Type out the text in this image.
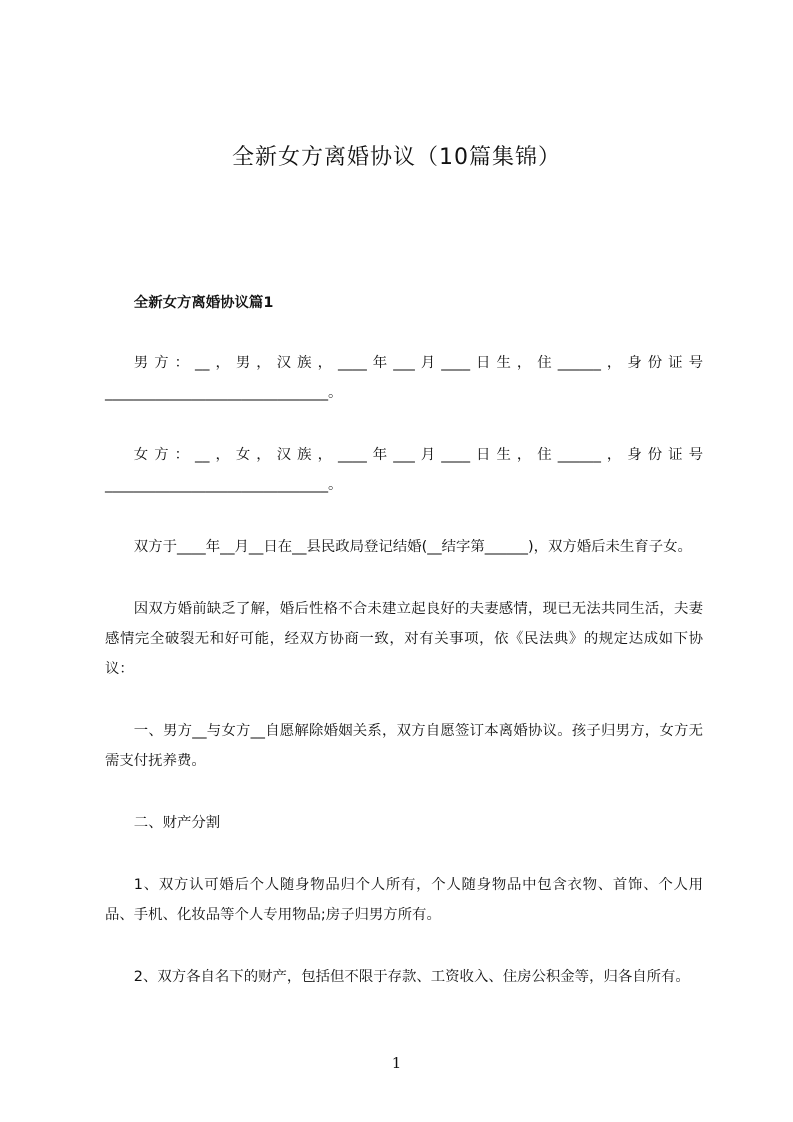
全新女方离婚协议（10篇集锦）

全新女方离婚协议篇1

男方：__，男，汉族，____年___月____日生，住______，身份证号_______________________________。

女方：__，女，汉族，____年___月____日生，住______，身份证号_______________________________。

双方于____年__月__日在__县民政局登记结婚(__结字第______)，双方婚后未生育子女。

因双方婚前缺乏了解，婚后性格不合未建立起良好的夫妻感情，现已无法共同生活，夫妻感情完全破裂无和好可能，经双方协商一致，对有关事项，依《民法典》的规定达成如下协议：

一、男方__与女方__自愿解除婚姻关系，双方自愿签订本离婚协议。孩子归男方，女方无需支付抚养费。

二、财产分割

1、双方认可婚后个人随身物品归个人所有，个人随身物品中包含衣物、首饰、个人用品、手机、化妆品等个人专用物品;房子归男方所有。

2、双方各自名下的财产，包括但不限于存款、工资收入、住房公积金等，归各自所有。

1
